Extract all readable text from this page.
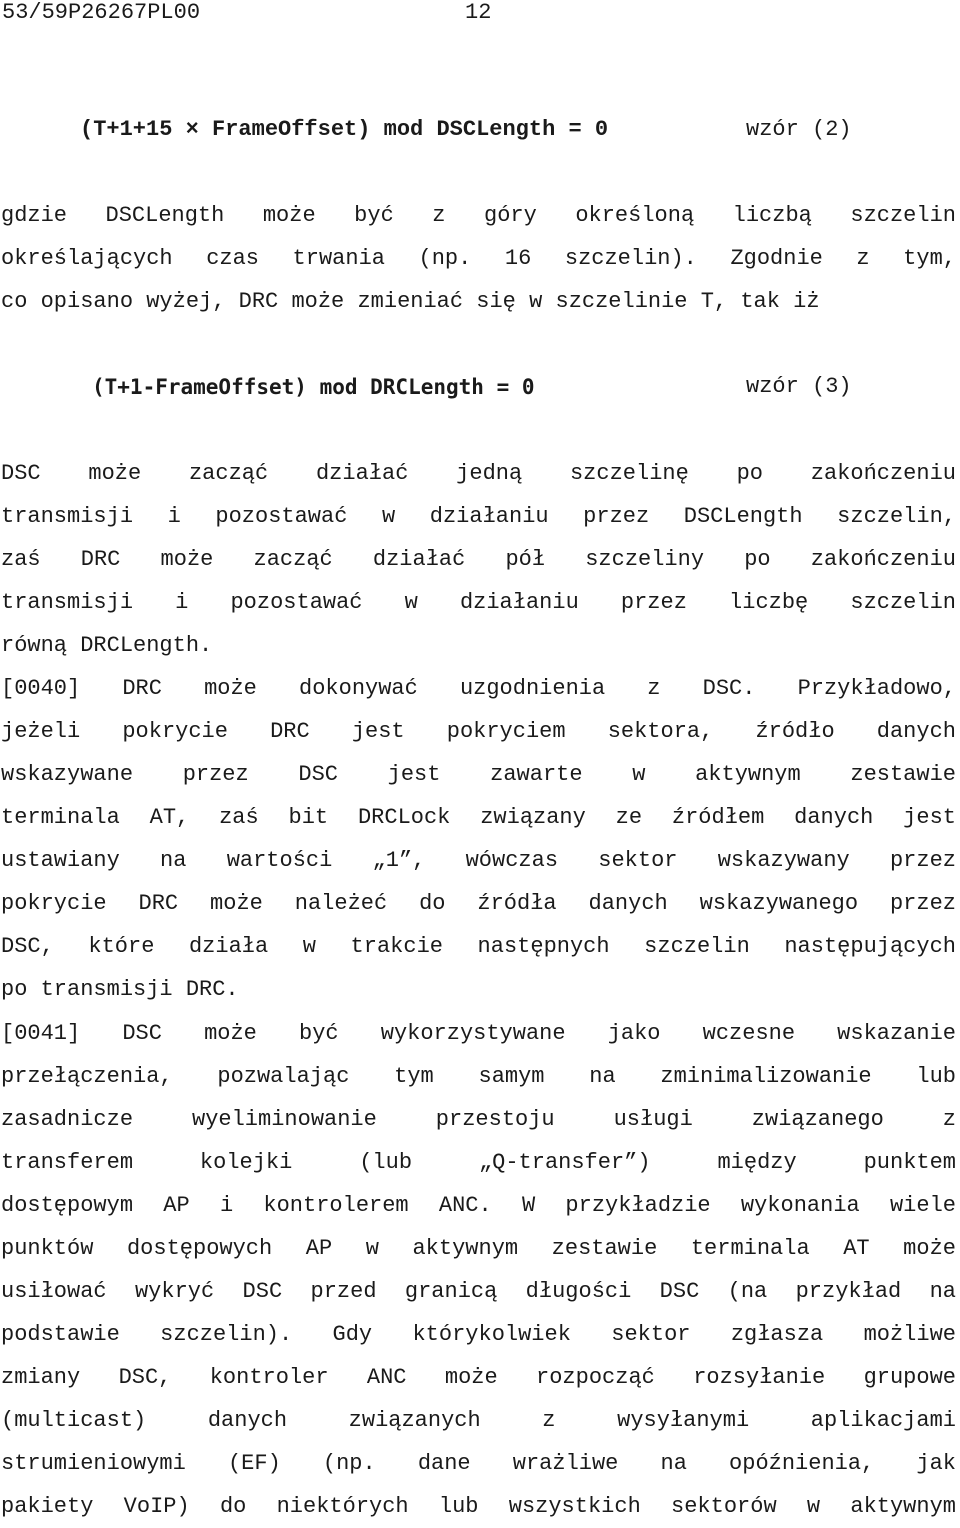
53/59P26267PL00	12
(T+1+15 × FrameOffset) mod DSCLength = 0	wzór (2)
gdzie DSCLength może być z góry określoną liczbą szczelin
określających czas trwania (np. 16 szczelin). Zgodnie z tym,
co opisano wyżej, DRC może zmieniać się w szczelinie T, tak iż
(T+1-FrameOffset) mod DRCLength = 0	wzór (3)
DSC może zacząć działać jedną szczelinę po zakończeniu
transmisji i pozostawać w działaniu przez DSCLength szczelin,
zaś DRC może zacząć działać pół szczeliny po zakończeniu
transmisji i pozostawać w działaniu przez liczbę szczelin
równą DRCLength.
[0040] DRC może dokonywać uzgodnienia z DSC. Przykładowo,
jeżeli pokrycie DRC jest pokryciem sektora, źródło danych
wskazywane przez DSC jest zawarte w aktywnym zestawie
terminala AT, zaś bit DRCLock związany ze źródłem danych jest
ustawiany na wartości „1”, wówczas sektor wskazywany przez
pokrycie DRC może należeć do źródła danych wskazywanego przez
DSC, które działa w trakcie następnych szczelin następujących
po transmisji DRC.
[0041] DSC może być wykorzystywane jako wczesne wskazanie
przełączenia, pozwalając tym samym na zminimalizowanie lub
zasadnicze wyeliminowanie przestoju usługi związanego z
transferem kolejki (lub „Q-transfer”) między punktem
dostępowym AP i kontrolerem ANC. W przykładzie wykonania wiele
punktów dostępowych AP w aktywnym zestawie terminala AT może
usiłować wykryć DSC przed granicą długości DSC (na przykład na
podstawie szczelin). Gdy którykolwiek sektor zgłasza możliwe
zmiany DSC, kontroler ANC może rozpocząć rozsyłanie grupowe
(multicast) danych związanych z wysyłanymi aplikacjami
strumieniowymi (EF) (np. dane wrażliwe na opóźnienia, jak
pakiety VoIP) do niektórych lub wszystkich sektorów w aktywnym
